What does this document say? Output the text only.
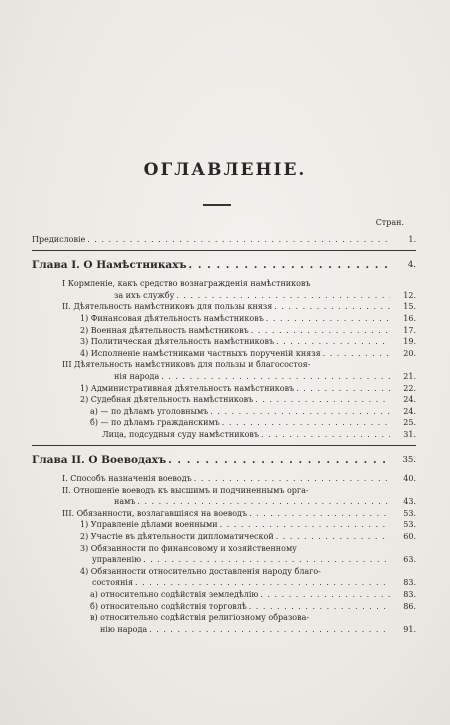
ОГЛАВЛЕНІЕ.
Стран.
Предисловіе . . .	1.
Глава I. О Намѣстникахъ . . .	4.
I Кормленіе, какъ средство вознагражденія намѣстниковъ
за ихъ службу . . .	12.
II. Дѣятельность намѣстниковъ для пользы князя . . .	15.
1) Финансовая дѣятельность намѣстниковъ . . .	16.
2) Военная дѣятельность намѣстниковъ . . .	17.
3) Политическая дѣятельность намѣстниковъ . . .	19.
4) Исполненіе намѣстниками частныхъ порученій князя . . .	20.
III Дѣятельность намѣстниковъ для пользы и благосостоя-
нія народа . . .	21.
1) Административная дѣятельность намѣстниковъ . . .	22.
2) Судебная дѣятельность намѣстниковъ . . .	24.
а) — по дѣламъ уголовнымъ . . .	24.
б) — по дѣламъ гражданскимъ . . .	25.
Лица, подсудныя суду намѣстниковъ . . .	31.
Глава II. О Воеводахъ . . .	35.
I. Способъ назначенія воеводъ . . .	40.
II. Отношеніе воеводъ къ высшимъ и подчиненнымъ орга-
намъ . . .	43.
III. Обязанности, возлагавшіяся на воеводъ . . .	53.
1) Управленіе дѣлами военными . . .	53.
2) Участіе въ дѣятельности дипломатической . . .	60.
3) Обязанности по финансовому и хозяйственному
управленію . . .	63.
4) Обязанности относительно доставленія народу благо-
состоянія . . .	83.
а) относительно содѣйствія земледѣлію . . .	83.
б) относительно содѣйствія торговлѣ . . .	86.
в) относительно содѣйствія религіозному образова-
нію народа . . .	91.
